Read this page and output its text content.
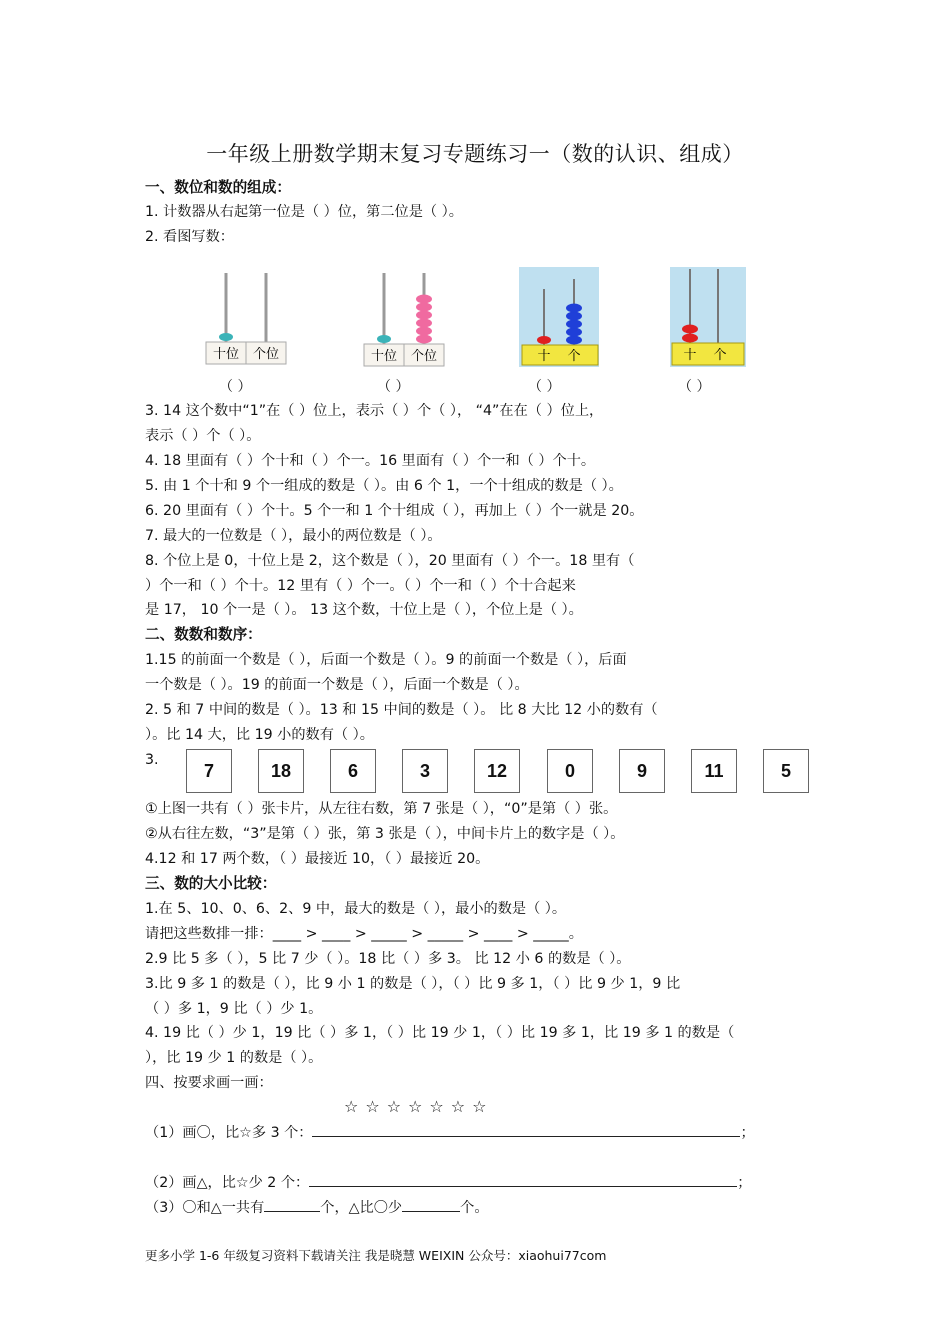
一年级上册数学期末复习专题练习一（数的认识、组成）
一、数位和数的组成：
1. 计数器从右起第一位是（ ）位，第二位是（ ）。
2. 看图写数：
十位 个位	十位 个位	十 个	十 个
（ ）	（ ）	（ ）	（ ）
3. 14 这个数中“1”在（ ）位上，表示（ ）个（ ）， “4”在在（ ）位上，
表示（ ）个（ ）。
4. 18 里面有（ ）个十和（ ）个一。16 里面有（ ）个一和（ ）个十。
5. 由 1 个十和 9 个一组成的数是（ ）。由 6 个 1，一个十组成的数是（ ）。
6. 20 里面有（ ）个十。5 个一和 1 个十组成（ ），再加上（ ）个一就是 20。
7. 最大的一位数是（ ），最小的两位数是（ ）。
8. 个位上是 0，十位上是 2，这个数是（ ），20 里面有（ ）个一。18 里有（
）个一和（ ）个十。12 里有（ ）个一。（ ）个一和（ ）个十合起来
是 17， 10 个一是（ ）。 13 这个数，十位上是（ ），个位上是（ ）。
二、数数和数序：
1.15 的前面一个数是（ ），后面一个数是（ ）。9 的前面一个数是（ ），后面
一个数是（ ）。19 的前面一个数是（ ），后面一个数是（ ）。
2. 5 和 7 中间的数是（ ）。13 和 15 中间的数是（ ）。 比 8 大比 12 小的数有（
）。比 14 大，比 19 小的数有（ ）。
3.
7	18	6	3	12	0	9	11	5
①上图一共有（ ）张卡片，从左往右数，第 7 张是（ ），“0”是第（ ）张。
②从右往左数，“3”是第（ ）张，第 3 张是（ ），中间卡片上的数字是（ ）。
4.12 和 17 两个数，（ ）最接近 10，（ ）最接近 20。
三、数的大小比较：
1.在 5、10、0、6、2、9 中，最大的数是（ ），最小的数是（ ）。
请把这些数排一排：____ > ____ > _____ > _____ > ____ > _____。
2.9 比 5 多（ ），5 比 7 少（ ）。18 比（ ）多 3。 比 12 小 6 的数是（ ）。
3.比 9 多 1 的数是（ ），比 9 小 1 的数是（ ），（ ）比 9 多 1，（ ）比 9 少 1，9 比
（ ）多 1，9 比（ ）少 1。
4. 19 比（ ）少 1，19 比（ ）多 1，（ ）比 19 少 1，（ ）比 19 多 1，比 19 多 1 的数是（
），比 19 少 1 的数是（ ）。
四、按要求画一画：
☆☆☆☆☆☆☆
（1）画〇，比☆多 3 个：	；
（2）画△，比☆少 2 个：	；
（3）〇和△一共有	个，△比〇少	个。
更多小学 1-6 年级复习资料下载请关注 我是晓慧 WEIXIN 公众号：xiaohui77com
